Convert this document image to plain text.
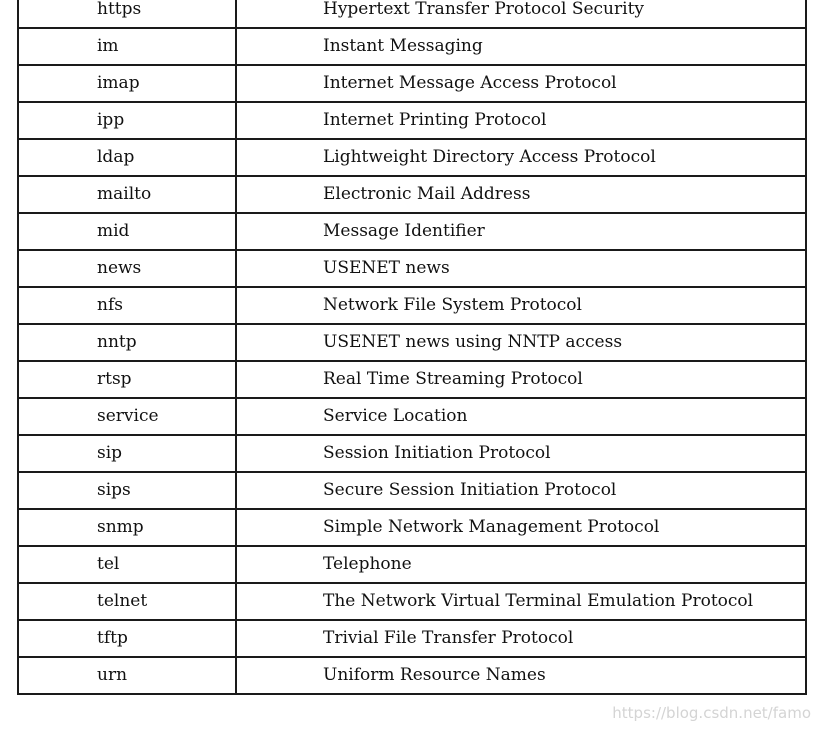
https	Hypertext Transfer Protocol Security
im	Instant Messaging
imap	Internet Message Access Protocol
ipp	Internet Printing Protocol
ldap	Lightweight Directory Access Protocol
mailto	Electronic Mail Address
mid	Message Identifier
news	USENET news
nfs	Network File System Protocol
nntp	USENET news using NNTP access
rtsp	Real Time Streaming Protocol
service	Service Location
sip	Session Initiation Protocol
sips	Secure Session Initiation Protocol
snmp	Simple Network Management Protocol
tel	Telephone
telnet	The Network Virtual Terminal Emulation Protocol
tftp	Trivial File Transfer Protocol
urn	Uniform Resource Names
https://blog.csdn.net/famo
